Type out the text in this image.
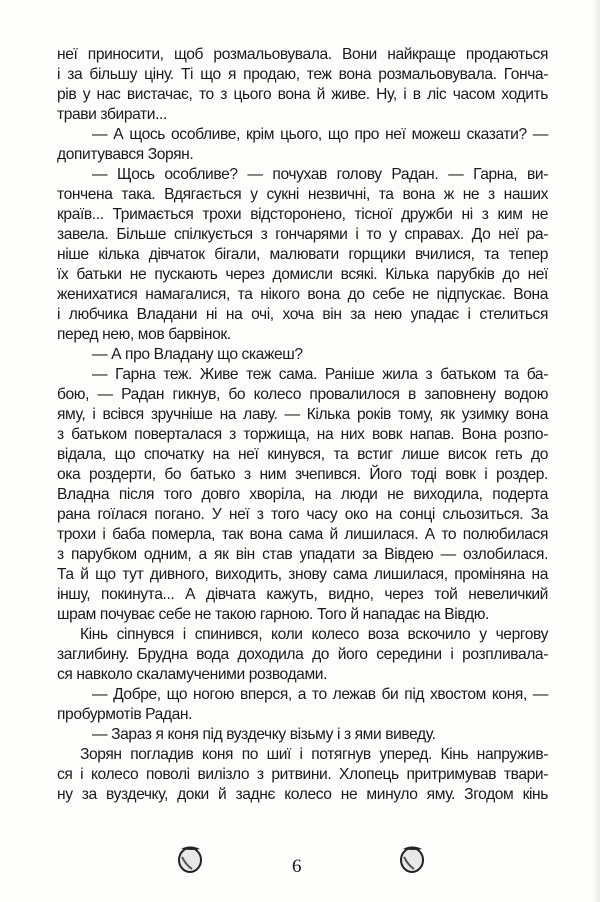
неї приносити, щоб розмальовувала. Вони найкраще продаються
і за більшу ціну. Ті що я продаю, теж вона розмальовувала. Гонча-
рів у нас вистачає, то з цього вона й живе. Ну, і в ліс часом ходить
трави збирати...
— А щось особливе, крім цього, що про неї можеш сказати? —
допитувався Зорян.
— Щось особливе? — почухав голову Радан. — Гарна, ви-
тончена така. Вдягається у сукні незвичні, та вона ж не з наших
країв... Тримається трохи відсторонено, тісної дружби ні з ким не
завела. Більше спілкується з гончарями і то у справах. До неї ра-
ніше кілька дівчаток бігали, малювати горщики вчилися, та тепер
їх батьки не пускають через домисли всякі. Кілька парубків до неї
женихатися намагалися, та нікого вона до себе не підпускає. Вона
і любчика Владани ні на очі, хоча він за нею упадає і стелиться
перед нею, мов барвінок.
— А про Владану що скажеш?
— Гарна теж. Живе теж сама. Раніше жила з батьком та ба-
бою, — Радан гикнув, бо колесо провалилося в заповнену водою
яму, і всівся зручніше на лаву. — Кілька років тому, як узимку вона
з батьком поверталася з торжища, на них вовк напав. Вона розпо-
відала, що спочатку на неї кинувся, та встиг лише висок геть до
ока роздерти, бо батько з ним зчепився. Його тоді вовк і роздер.
Владна після того довго хворіла, на люди не виходила, подерта
рана гоїлася погано. У неї з того часу око на сонці сльозиться. За
трохи і баба померла, так вона сама й лишилася. А то полюбилася
з парубком одним, а як він став упадати за Вівдею — озлобилася.
Та й що тут дивного, виходить, знову сама лишилася, проміняна на
іншу, покинута... А дівчата кажуть, видно, через той невеличкий
шрам почуває себе не такою гарною. Того й нападає на Вівдю.
Кінь сіпнувся і спинився, коли колесо воза вскочило у чергову
заглибину. Брудна вода доходила до його середини і розпливала-
ся навколо скаламученими розводами.
— Добре, що ногою вперся, а то лежав би під хвостом коня, —
пробурмотів Радан.
— Зараз я коня під вуздечку візьму і з ями виведу.
Зорян погладив коня по шиї і потягнув уперед. Кінь напружив-
ся і колесо поволі вилізло з ритвини. Хлопець притримував твари-
ну за вуздечку, доки й заднє колесо не минуло яму. Згодом кінь
6
